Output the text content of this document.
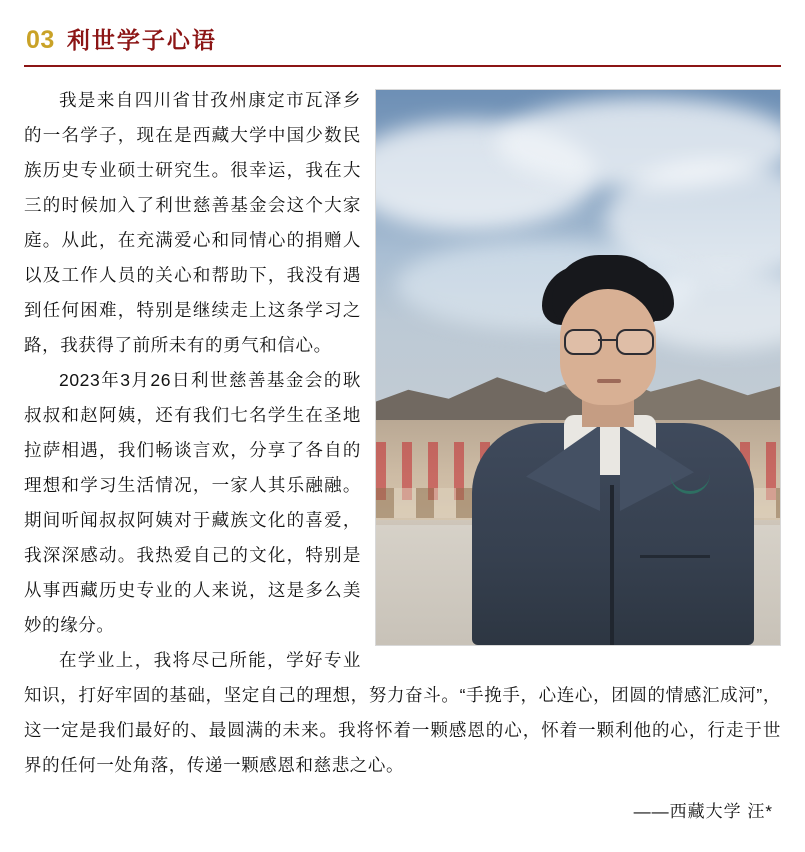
03 利世学子心语

我是来自四川省甘孜州康定市瓦泽乡的一名学子，现在是西藏大学中国少数民族历史专业硕士研究生。很幸运，我在大三的时候加入了利世慈善基金会这个大家庭。从此，在充满爱心和同情心的捐赠人以及工作人员的关心和帮助下，我没有遇到任何困难，特别是继续走上这条学习之路，我获得了前所未有的勇气和信心。

2023年3月26日利世慈善基金会的耿叔叔和赵阿姨，还有我们七名学生在圣地拉萨相遇，我们畅谈言欢，分享了各自的理想和学习生活情况，一家人其乐融融。期间听闻叔叔阿姨对于藏族文化的喜爱，我深深感动。我热爱自己的文化，特别是从事西藏历史专业的人来说，这是多么美妙的缘分。

在学业上，我将尽己所能，学好专业知识，打好牢固的基础，坚定自己的理想，努力奋斗。“手挽手，心连心，团圆的情感汇成河”，这一定是我们最好的、最圆满的未来。我将怀着一颗感恩的心，怀着一颗利他的心，行走于世界的任何一处角落，传递一颗感恩和慈悲之心。

——西藏大学 汪*
